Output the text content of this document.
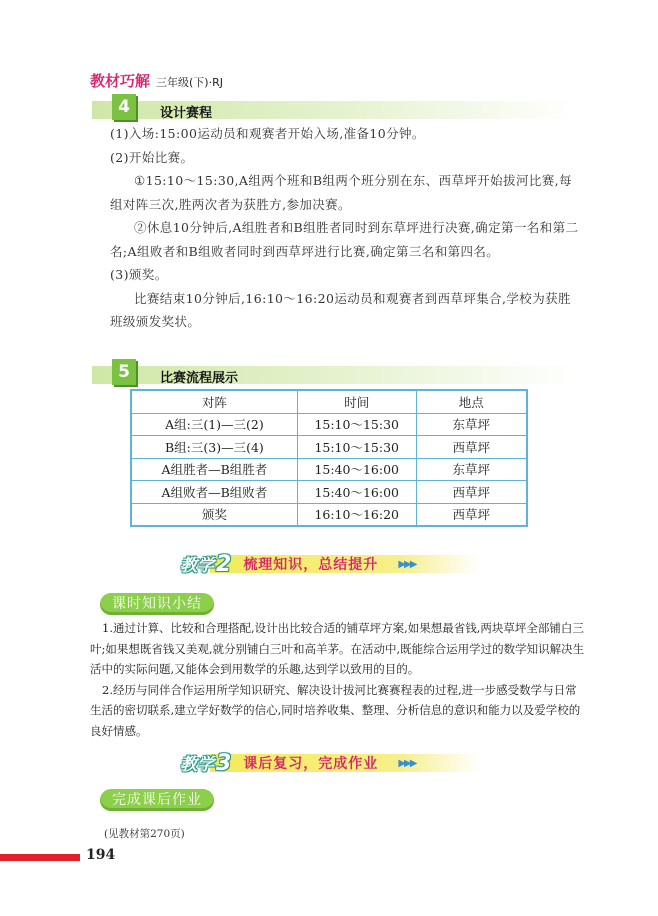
教材巧解 三年级(下)·RJ
4	设计赛程

(1)入场:15:00运动员和观赛者开始入场,准备10分钟。

(2)开始比赛。

①15:10～15:30,A组两个班和B组两个班分别在东、西草坪开始拔河比赛,每组对阵三次,胜两次者为获胜方,参加决赛。

②休息10分钟后,A组胜者和B组胜者同时到东草坪进行决赛,确定第一名和第二名;A组败者和B组败者同时到西草坪进行比赛,确定第三名和第四名。

(3)颁奖。

比赛结束10分钟后,16:10～16:20运动员和观赛者到西草坪集合,学校为获胜班级颁发奖状。

5	比赛流程展示
对阵	时间	地点
A组:三(1)—三(2)	15:10～15:30	东草坪
B组:三(3)—三(4)	15:10～15:30	西草坪
A组胜者—B组胜者	15:40～16:00	东草坪
A组败者—B组败者	15:40～16:00	西草坪
颁奖	16:10～16:20	西草坪
教学2 梳理知识，总结提升 ▶▶▶
课时知识小结

1.通过计算、比较和合理搭配,设计出比较合适的铺草坪方案,如果想最省钱,两块草坪全部铺白三叶;如果想既省钱又美观,就分别铺白三叶和高羊茅。在活动中,既能综合运用学过的数学知识解决生活中的实际问题,又能体会到用数学的乐趣,达到学以致用的目的。

2.经历与同伴合作运用所学知识研究、解决设计拔河比赛赛程表的过程,进一步感受数学与日常生活的密切联系,建立学好数学的信心,同时培养收集、整理、分析信息的意识和能力以及爱学校的良好情感。

教学3 课后复习，完成作业 ▶▶▶
完成课后作业
(见教材第270页)
194
